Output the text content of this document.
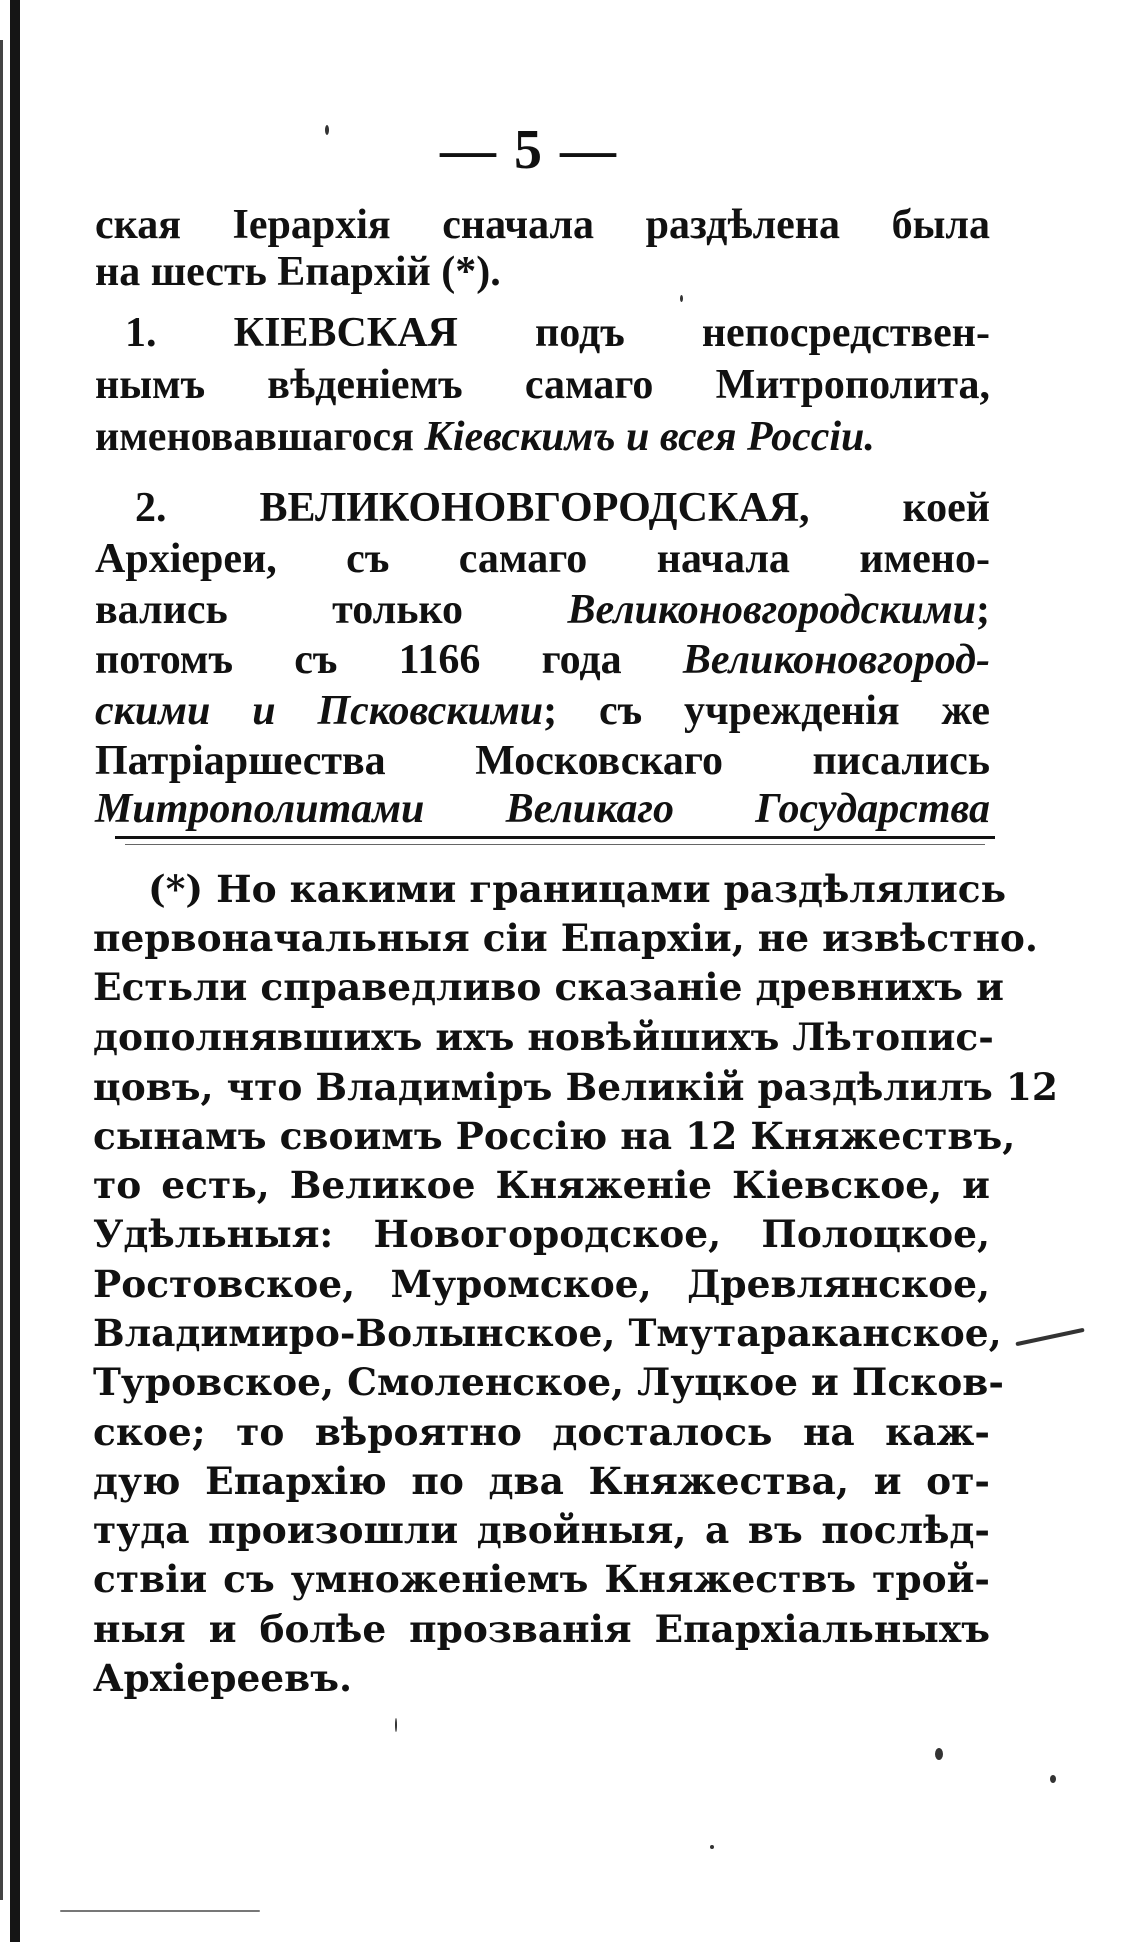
— 5 —
ская Іерархія сначала раздѣлена была
на шесть Епархій (*).
1. КІЕВСКАЯ подъ непосредствен-
нымъ вѣденіемъ самаго Митрополита,
именовавшагося Кіевскимъ и всея Россіи.
2. ВЕЛИКОНОВГОРОДСКАЯ, коей
Архіереи, съ самаго начала имено-
вались только Великоновгородскими;
потомъ съ 1166 года Великоновгород-
скими и Псковскими; съ учрежденія же
Патріаршества Московскаго писались
Митрополитами Великаго Государства
(*) Но какими границами раздѣлялись
первоначальныя сіи Епархіи, не извѣстно.
Естьли справедливо сказаніе древнихъ и
дополнявшихъ ихъ новѣйшихъ Лѣтопис-
цовъ, что Владиміръ Великій раздѣлилъ 12
сынамъ своимъ Россію на 12 Княжествъ,
то есть, Великое Княженіе Кіевское, и
Удѣльныя: Новогородское, Полоцкое,
Ростовское, Муромское, Древлянское,
Владимиро-Волынское, Тмутараканское,
Туровское, Смоленское, Луцкое и Псков-
ское; то вѣроятно досталось на каж-
дую Епархію по два Княжества, и от-
туда произошли двойныя, а въ послѣд-
ствіи съ умноженіемъ Княжествъ трой-
ныя и болѣе прозванія Епархіальныхъ
Архіереевъ.
